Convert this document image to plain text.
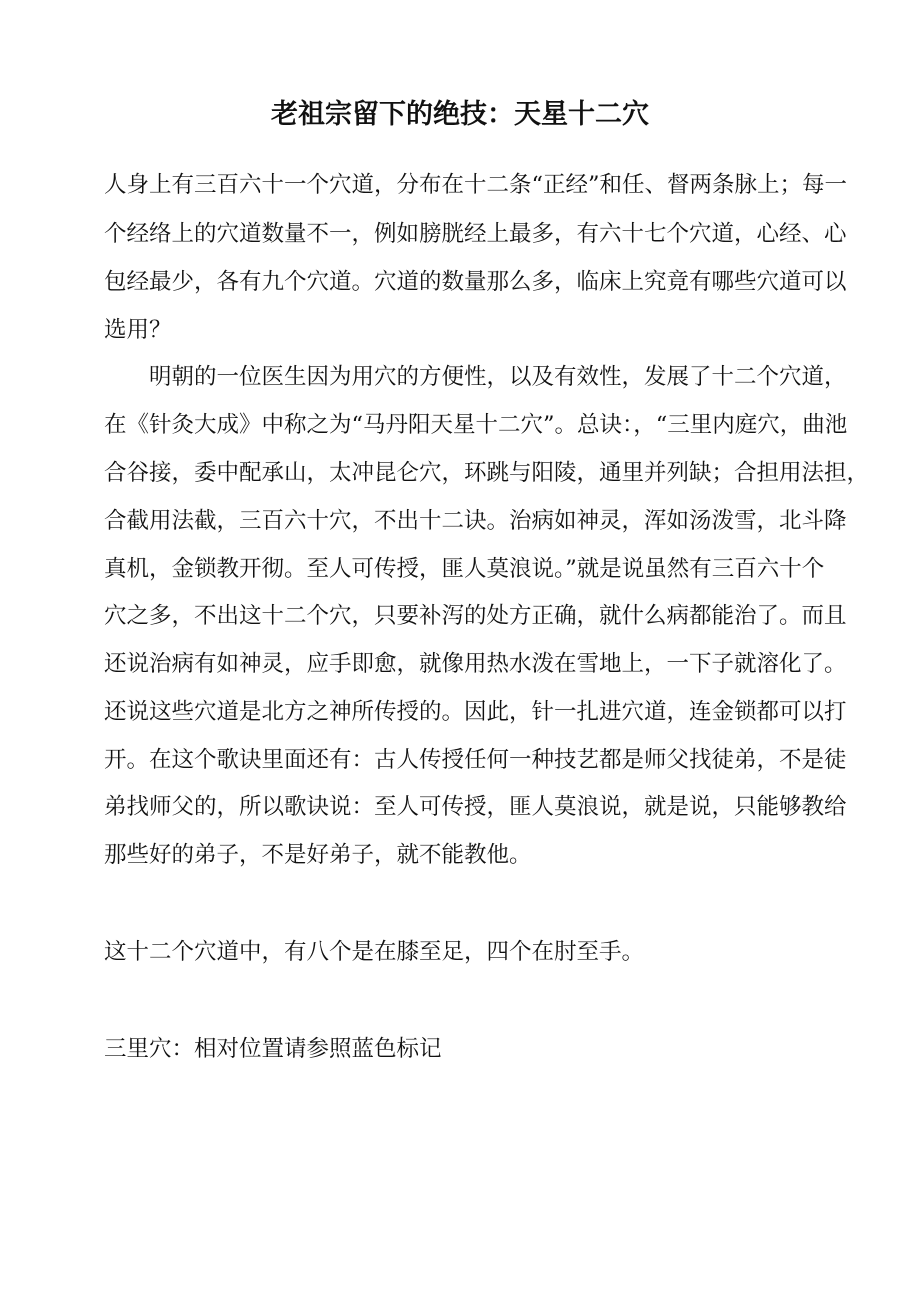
老祖宗留下的绝技：天星十二穴
人身上有三百六十一个穴道，分布在十二条“正经”和任、督两条脉上；每一
个经络上的穴道数量不一，例如膀胱经上最多，有六十七个穴道，心经、心
包经最少，各有九个穴道。穴道的数量那么多，临床上究竟有哪些穴道可以
选用？
　　明朝的一位医生因为用穴的方便性，以及有效性，发展了十二个穴道，
在《针灸大成》中称之为“马丹阳天星十二穴”。总诀：，“三里内庭穴，曲池
合谷接，委中配承山，太冲昆仑穴，环跳与阳陵，通里并列缺；合担用法担，
合截用法截，三百六十穴，不出十二诀。治病如神灵，浑如汤泼雪，北斗降
真机，金锁教开彻。至人可传授，匪人莫浪说。”就是说虽然有三百六十个
穴之多，不出这十二个穴，只要补泻的处方正确，就什么病都能治了。而且
还说治病有如神灵，应手即愈，就像用热水泼在雪地上，一下子就溶化了。
还说这些穴道是北方之神所传授的。因此，针一扎进穴道，连金锁都可以打
开。在这个歌诀里面还有：古人传授任何一种技艺都是师父找徒弟，不是徒
弟找师父的，所以歌诀说：至人可传授，匪人莫浪说，就是说，只能够教给
那些好的弟子，不是好弟子，就不能教他。
这十二个穴道中，有八个是在膝至足，四个在肘至手。
三里穴：相对位置请参照蓝色标记
